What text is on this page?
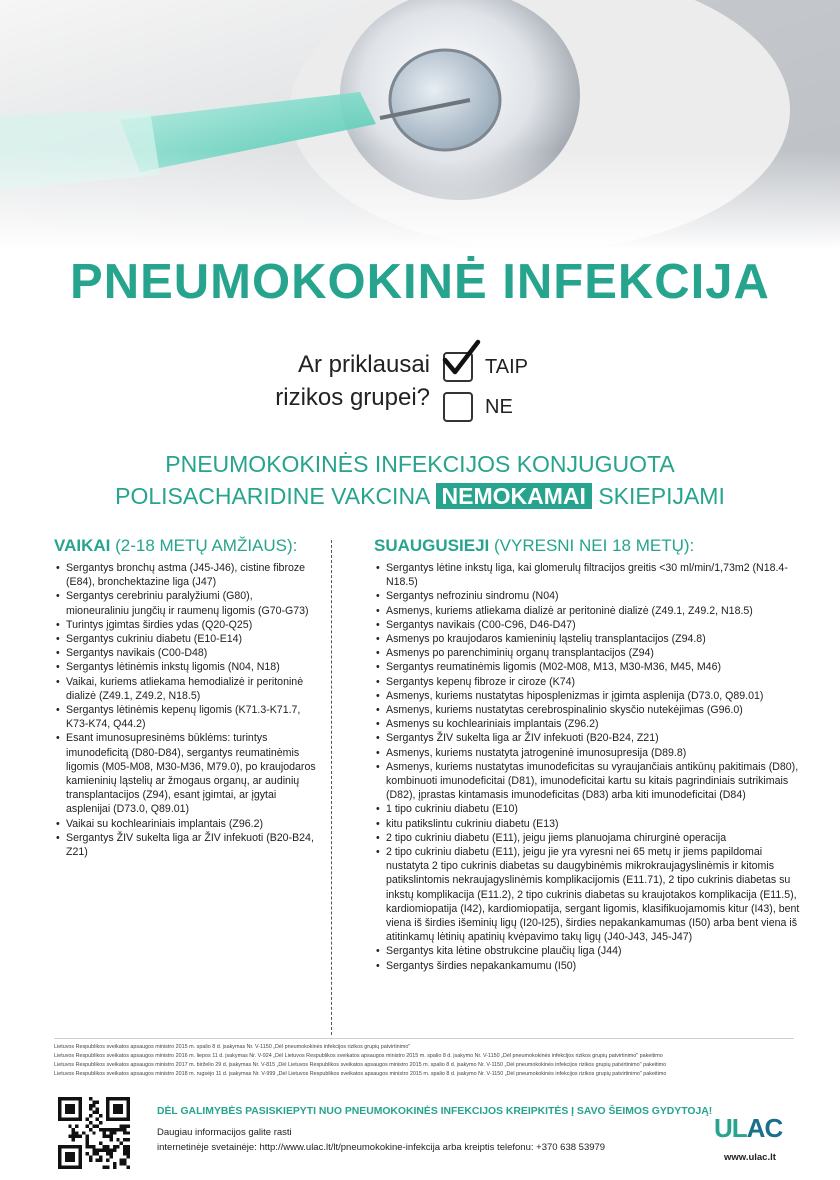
PNEUMOKOKINĖ INFEKCIJA
Ar priklausai
rizikos grupei?
TAIP
NE
PNEUMOKOKINĖS INFEKCIJOS KONJUGUOTA
POLISACHARIDINE VAKCINA NEMOKAMAI SKIEPIJAMI
VAIKAI (2-18 METŲ AMŽIAUS):
• Sergantys bronchų astma (J45-J46), cistine fibroze (E84), bronchektazine liga (J47)
• Sergantys cerebriniu paralyžiumi (G80), mioneuraliniu jungčių ir raumenų ligomis (G70-G73)
• Turintys įgimtas širdies ydas (Q20-Q25)
• Sergantys cukriniu diabetu (E10-E14)
• Sergantys navikais (C00-D48)
• Sergantys lėtinėmis inkstų ligomis (N04, N18)
• Vaikai, kuriems atliekama hemodializė ir peritoninė dializė (Z49.1, Z49.2, N18.5)
• Sergantys lėtinėmis kepenų ligomis (K71.3-K71.7, K73-K74, Q44.2)
• Esant imunosupresinėms būklėms: turintys imunodeficitą (D80-D84), sergantys reumatinėmis ligomis (M05-M08, M30-M36, M79.0), po kraujodaros kamieninių ląstelių ar žmogaus organų, ar audinių transplantacijos (Z94), esant įgimtai, ar įgytai asplenijai (D73.0, Q89.01)
• Vaikai su kochleariniais implantais (Z96.2)
• Sergantys ŽIV sukelta liga ar ŽIV infekuoti (B20-B24, Z21)
SUAUGUSIEJI (VYRESNI NEI 18 METŲ):
• Sergantys lėtine inkstų liga, kai glomerulų filtracijos greitis <30 ml/min/1,73m2 (N18.4-N18.5)
• Sergantys nefroziniu sindromu (N04)
• Asmenys, kuriems atliekama dializė ar peritoninė dializė (Z49.1, Z49.2, N18.5)
• Sergantys navikais (C00-C96, D46-D47)
• Asmenys po kraujodaros kamieninių ląstelių transplantacijos (Z94.8)
• Asmenys po parenchiminių organų transplantacijos (Z94)
• Sergantys reumatinėmis ligomis (M02-M08, M13, M30-M36, M45, M46)
• Sergantys kepenų fibroze ir ciroze (K74)
• Asmenys, kuriems nustatytas hiposplenizmas ir įgimta asplenija (D73.0, Q89.01)
• Asmenys, kuriems nustatytas cerebrospinalinio skysčio nutekėjimas (G96.0)
• Asmenys su kochleariniais implantais (Z96.2)
• Sergantys ŽIV sukelta liga ar ŽIV infekuoti (B20-B24, Z21)
• Asmenys, kuriems nustatyta jatrogeninė imunosupresija (D89.8)
• Asmenys, kuriems nustatytas imunodeficitas su vyraujančiais antikūnų pakitimais (D80), kombinuoti imunodeficitai (D81), imunodeficitai kartu su kitais pagrindiniais sutrikimais (D82), įprastas kintamasis imunodeficitas (D83) arba kiti imunodeficitai (D84)
• 1 tipo cukriniu diabetu (E10)
• kitu patikslintu cukriniu diabetu (E13)
• 2 tipo cukriniu diabetu (E11), jeigu jiems planuojama chirurginė operacija
• 2 tipo cukriniu diabetu (E11), jeigu jie yra vyresni nei 65 metų ir jiems papildomai nustatyta 2 tipo cukrinis diabetas su daugybinėmis mikrokraujagyslinėmis ir kitomis patikslintomis nekraujagyslinėmis komplikacijomis (E11.71), 2 tipo cukrinis diabetas su inkstų komplikacija (E11.2), 2 tipo cukrinis diabetas su kraujotakos komplikacija (E11.5), kardiomiopatija (I42), kardiomiopatija, sergant ligomis, klasifikuojamomis kitur (I43), bent viena iš širdies išeminių ligų (I20-I25), širdies nepakankamumas (I50) arba bent viena iš atitinkamų lėtinių apatinių kvėpavimo takų ligų (J40-J43, J45-J47)
• Sergantys kita lėtine obstrukcine plaučių liga (J44)
• Sergantys širdies nepakankamumu (I50)
Lietuvos Respublikos sveikatos apsaugos ministro 2015 m. spalio 8 d. įsakymas Nr. V-1150 „Dėl pneumokokinės infekcijos rizikos grupių patvirtinimo"
Lietuvos Respublikos sveikatos apsaugos ministro 2016 m. liepos 11 d. įsakymas Nr. V-924 „Dėl Lietuvos Respublikos sveikatos apsaugos ministro 2015 m. spalio 8 d. įsakymo Nr. V-1150 „Dėl pneumokokinės infekcijos rizikos grupių patvirtinimo" pakeitimo
Lietuvos Respublikos sveikatos apsaugos ministro 2017 m. birželio 29 d. įsakymas Nr. V-815 „Dėl Lietuvos Respublikos sveikatos apsaugos ministro 2015 m. spalio 8 d. įsakymo Nr. V-1150 „Dėl pneumokokinės infekcijos rizikos grupių patvirtinimo" pakeitimo
Lietuvos Respublikos sveikatos apsaugos ministro 2018 m. rugsėjo 11 d. įsakymas Nr. V-999 „Dėl Lietuvos Respublikos sveikatos apsaugos ministro 2015 m. spalio 8 d. įsakymo Nr. V-1150 „Dėl pneumokokinės infekcijos rizikos grupių patvirtinimo" pakeitimo
DĖL GALIMYBĖS PASISKIEPYTI NUO PNEUMOKOKINĖS INFEKCIJOS KREIPKITĖS Į SAVO ŠEIMOS GYDYTOJĄ!
Daugiau informacijos galite rasti
internetinėje svetainėje: http://www.ulac.lt/lt/pneumokokine-infekcija arba kreiptis telefonu: +370 638 53979
ULAC
www.ulac.lt
